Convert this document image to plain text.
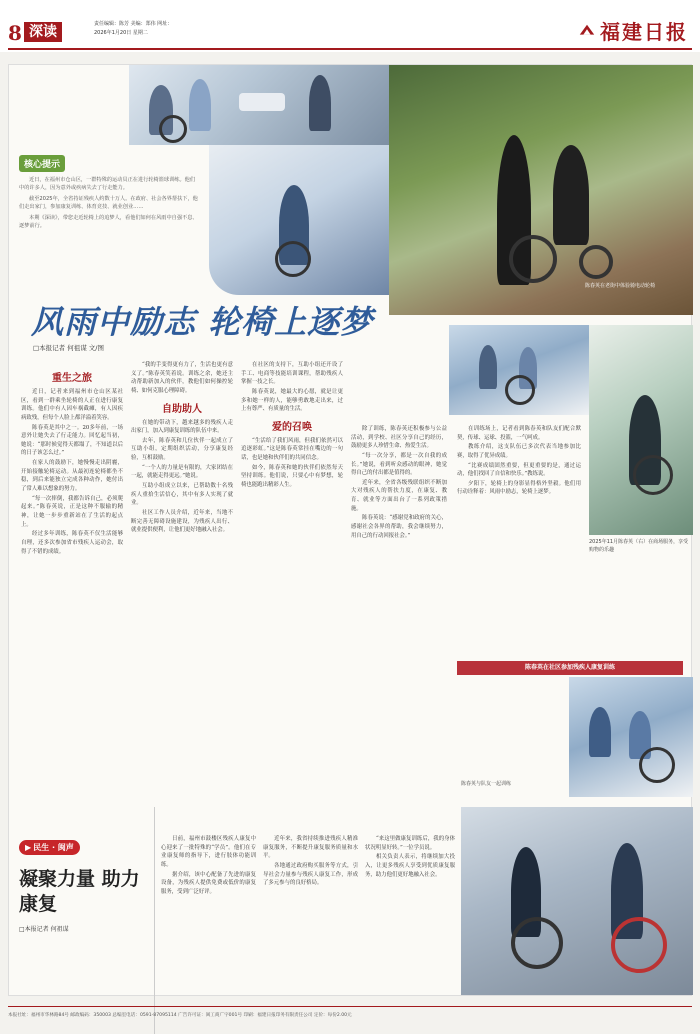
8 深读	责任编辑：陈芳 美编：郑伟 网址：
2026年1月20日 星期二	福建日报
陈春英在老街中体验骑电动轮椅
核心提示

近日，在福州市仓山区，一群特殊的运动员正在进行轮椅篮球训练。他们中的许多人，因为意外或疾病失去了行走能力。

截至2025年，全省持证残疾人约数十万人。在政府、社会各界帮扶下，他们走出家门，参加康复训练、体育竞技、就业创业……

本期《深读》，带您走近轮椅上的追梦人，看他们如何在风雨中自强不息、逐梦前行。

风雨中励志 轮椅上逐梦
□本报记者 何祖谋 文/图
2025年11月陈春英（右）在商场服务，享受购物的乐趣
重生之旅

近日，记者来到福州市仓山区某社区，看到一群乘坐轮椅的人正在进行康复训练。他们中有人因车祸截瘫，有人因疾病致残，但每个人脸上都洋溢着笑容。

陈春英是其中之一。20多年前，一场意外让她失去了行走能力。回忆起当初，她说：“那时候觉得天都塌了，不知道以后的日子该怎么过。”

在家人的鼓励下，她慢慢走出阴霾，开始接触轮椅运动。从最初连轮椅都坐不稳，到后来能独立完成各种动作，她付出了常人难以想象的努力。

“每一次摔倒，我都告诉自己，必须爬起来。”陈春英说，正是这种不服输的精神，让她一步步重新站在了生活的起点上。

经过多年训练，陈春英不仅生活能够自理，还多次参加省市残疾人运动会，取得了不错的成绩。

“我的手变得更有力了，生活也更有意义了。”陈春英笑着说。训练之余，她还主动帮助新加入的伙伴，教他们如何操控轮椅、如何克服心理障碍。

自助助人

在她的带动下，越来越多的残疾人走出家门，加入到康复训练的队伍中来。

去年，陈春英和几位伙伴一起成立了互助小组，定期组织活动，分享康复经验，互相鼓励。

“一个人的力量是有限的，大家团结在一起，就能走得更远。”她说。

互助小组成立以来，已帮助数十名残疾人重拾生活信心，其中有多人实现了就业。

社区工作人员介绍，近年来，当地不断完善无障碍设施建设，为残疾人出行、就业提供便利，让他们更好地融入社会。

在社区的支持下，互助小组还开设了手工、电商等技能培训课程，帮助残疾人掌握一技之长。

陈春英说，她最大的心愿，就是让更多和她一样的人，能够勇敢地走出来，过上有尊严、有质量的生活。

爱的召唤

“生活给了我们风雨，但我们依然可以追逐彩虹。”这是陈春英常挂在嘴边的一句话，也是她和伙伴们的共同信念。

如今，陈春英和她的伙伴们依然每天坚持训练。他们说，只要心中有梦想，轮椅也能跑出精彩人生。

除了训练，陈春英还积极参与公益活动，到学校、社区分享自己的经历，鼓励更多人珍惜生命、热爱生活。

“每一次分享，都是一次自我的成长。”她说，看到听众感动的眼神，她觉得自己的付出都是值得的。

近年来，全省各级残联组织不断加大对残疾人的帮扶力度，在康复、教育、就业等方面出台了一系列政策措施。

陈春英说：“感谢党和政府的关心，感谢社会各界的帮助，我会继续努力，用自己的行动回报社会。”

在训练场上，记者看到陈春英和队友们配合默契，传球、运球、投篮，一气呵成。

教练介绍，这支队伍已多次代表当地参加比赛，取得了优异成绩。

“比赛成绩固然重要，但更重要的是，通过运动，他们找回了自信和快乐。”教练说。

夕阳下，轮椅上的身影显得格外坚毅。他们用行动诠释着：风雨中励志，轮椅上逐梦。

陈春英在社区参加残疾人康复训练
▶ 民生 · 闽声
凝聚力量 助力康复
□本报记者 何祖谋

日前，福州市鼓楼区残疾人康复中心迎来了一批特殊的“学员”。他们在专业康复师的指导下，进行肢体功能训练。

据介绍，该中心配备了先进的康复设备，为残疾人提供免费或低价的康复服务，受到广泛好评。

近年来，我省持续推进残疾人精准康复服务，不断提升康复服务质量和水平。

各地通过政府购买服务等方式，引导社会力量参与残疾人康复工作，形成了多元参与的良好格局。

“来这里做康复训练后，我的身体状况明显好转。”一位学员说。

相关负责人表示，将继续加大投入，让更多残疾人享受到优质康复服务，助力他们更好地融入社会。

陈春英与队友一起训练
本报社址：福州市华林路84号 邮政编码：350003 总编室电话：0591-87095114 广告许可证：闽工商广字001号 印刷：福建日报印务有限责任公司 定价：每份2.00元
